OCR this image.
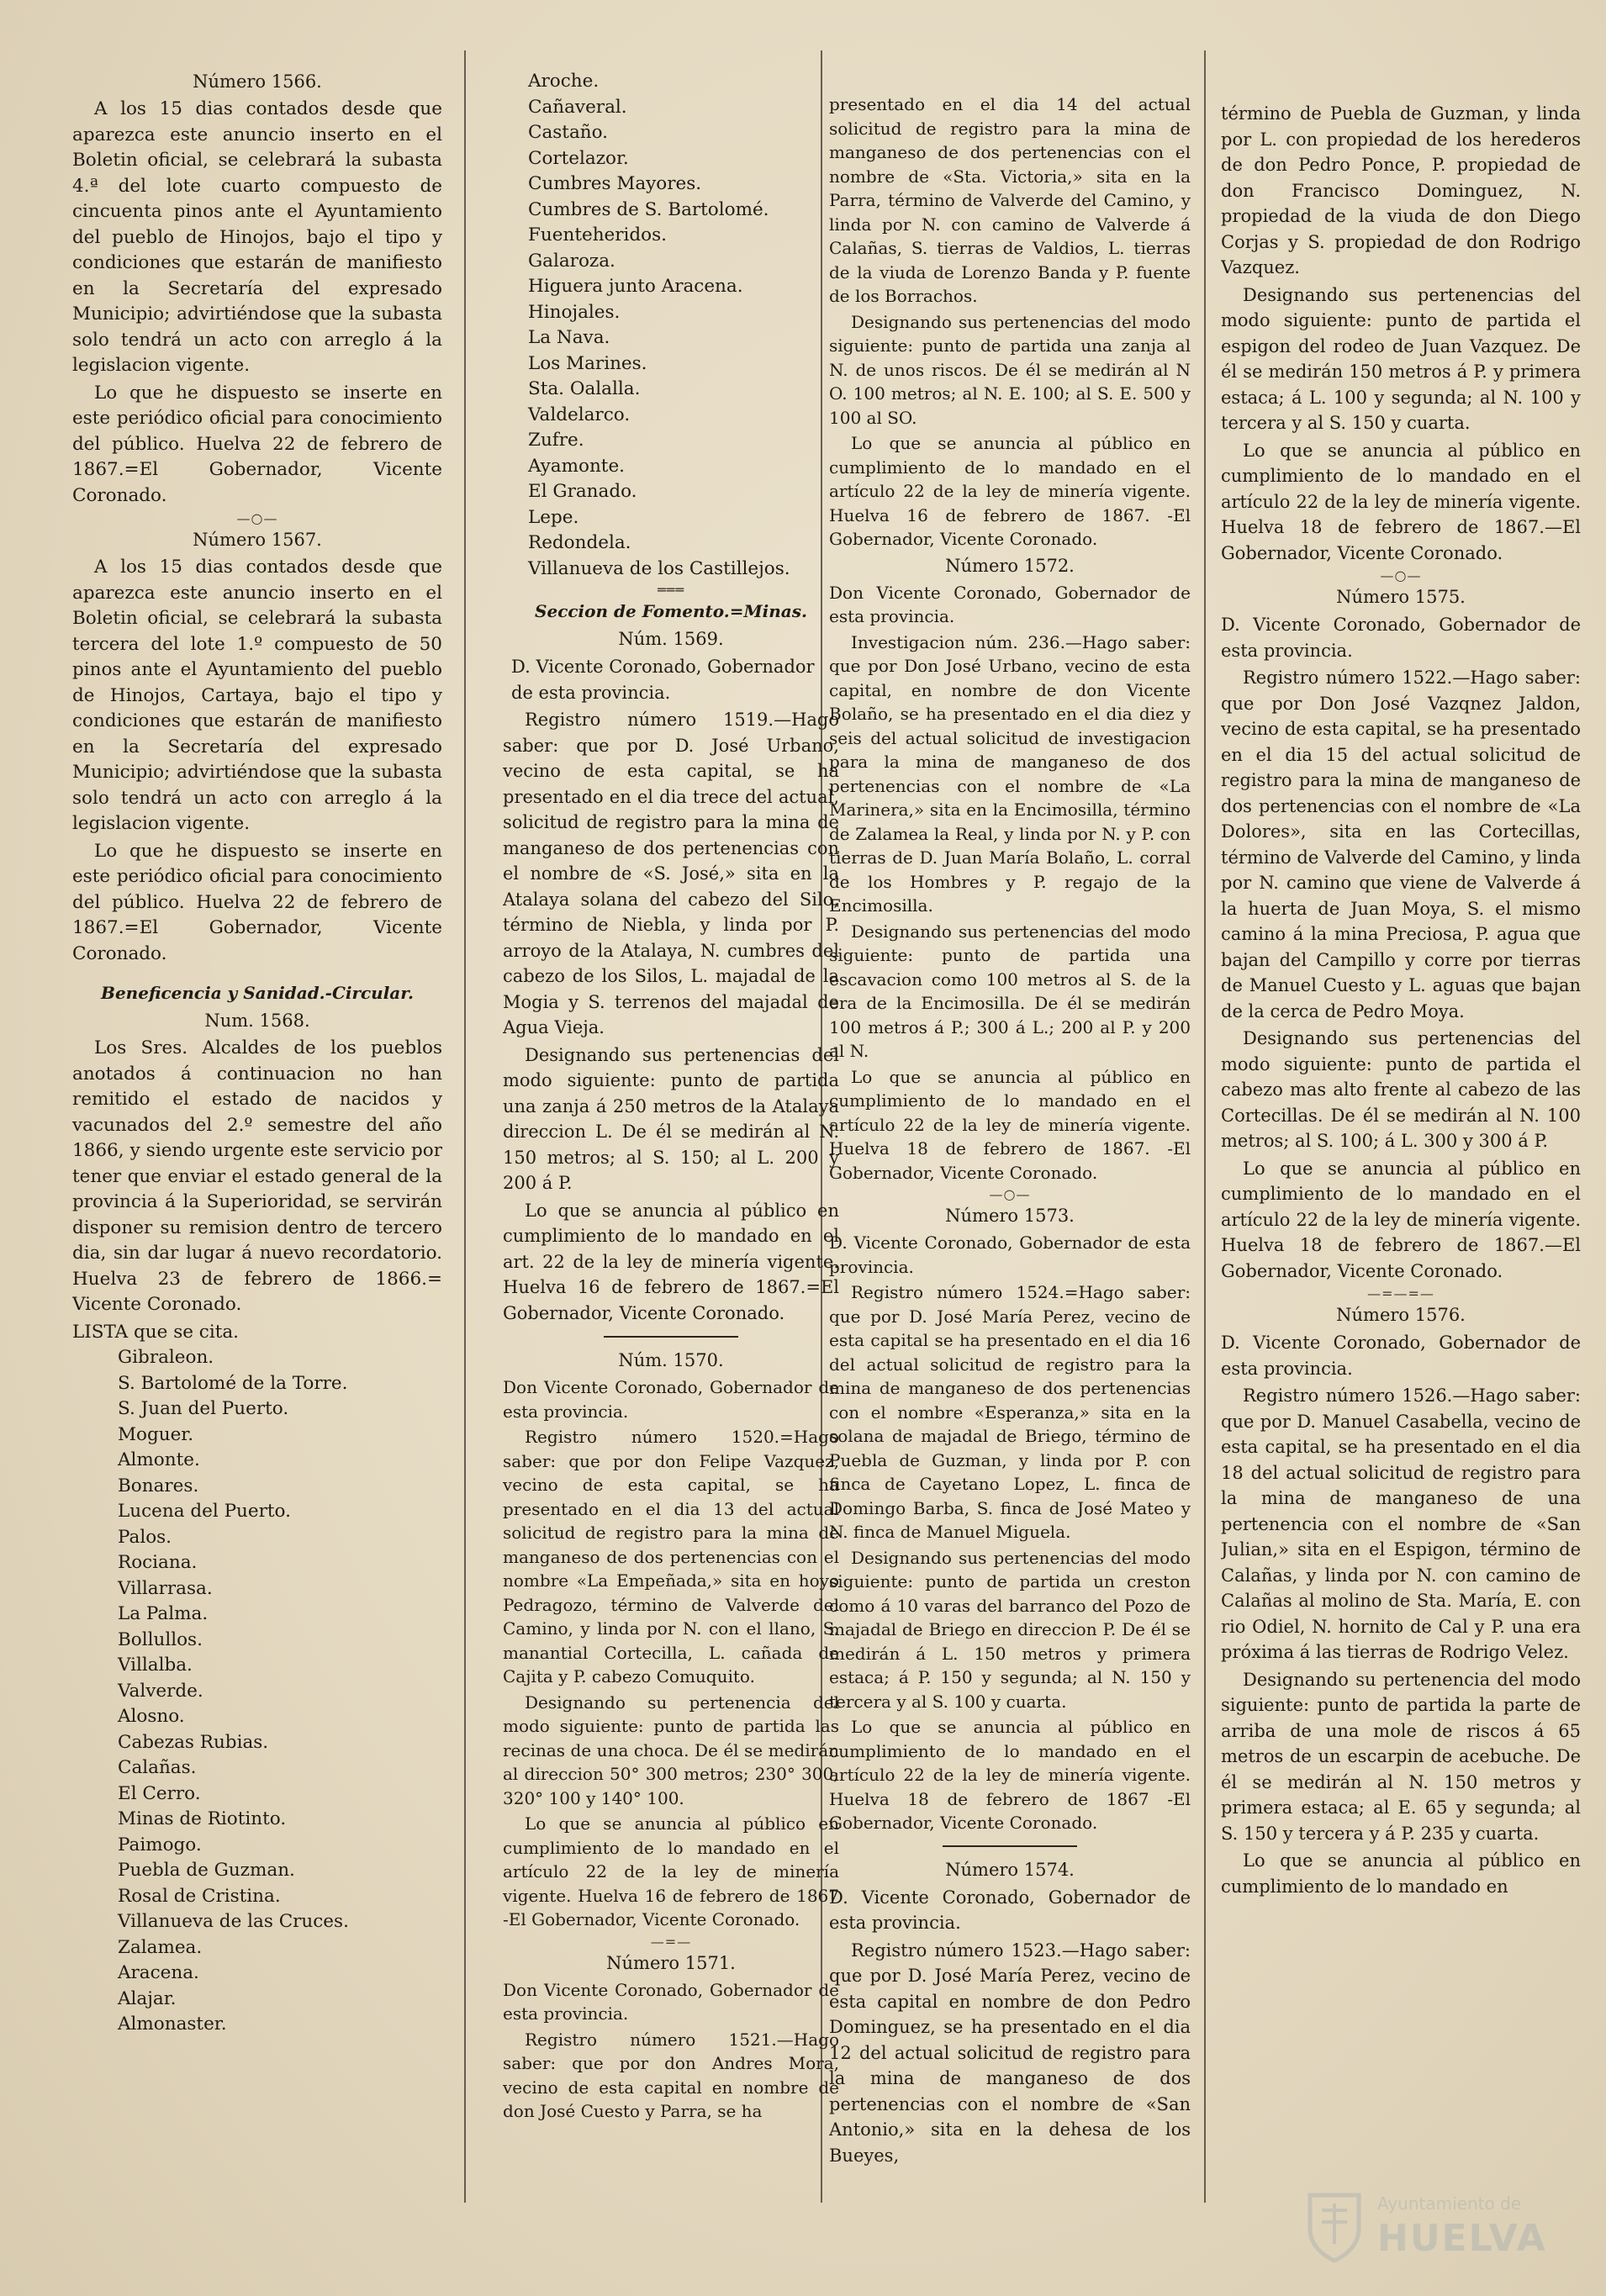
Número 1566.
A los 15 dias contados desde que aparezca este anuncio inserto en el Boletin oficial, se celebrará la subasta 4.ª del lote cuarto compuesto de cincuenta pinos ante el Ayuntamiento del pueblo de Hinojos, bajo el tipo y condiciones que estarán de manifiesto en la Secretaría del expresado Municipio; advirtiéndose que la subasta solo tendrá un acto con arreglo á la legislacion vigente.
Lo que he dispuesto se inserte en este periódico oficial para conocimiento del público. Huelva 22 de febrero de 1867.=El Gobernador, Vicente Coronado.
—○—
Número 1567.
A los 15 dias contados desde que aparezca este anuncio inserto en el Boletin oficial, se celebrará la subasta tercera del lote 1.º compuesto de 50 pinos ante el Ayuntamiento del pueblo de Hinojos, Cartaya, bajo el tipo y condiciones que estarán de manifiesto en la Secretaría del expresado Municipio; advirtiéndose que la subasta solo tendrá un acto con arreglo á la legislacion vigente.
Lo que he dispuesto se inserte en este periódico oficial para conocimiento del público. Huelva 22 de febrero de 1867.=El Gobernador, Vicente Coronado.
Beneficencia y Sanidad.-Circular.
Num. 1568.
Los Sres. Alcaldes de los pueblos anotados á continuacion no han remitido el estado de nacidos y vacunados del 2.º semestre del año 1866, y siendo urgente este servicio por tener que enviar el estado general de la provincia á la Superioridad, se servirán disponer su remision dentro de tercero dia, sin dar lugar á nuevo recordatorio. Huelva 23 de febrero de 1866.= Vicente Coronado.
LISTA que se cita.
Gibraleon.
S. Bartolomé de la Torre.
S. Juan del Puerto.
Moguer.
Almonte.
Bonares.
Lucena del Puerto.
Palos.
Rociana.
Villarrasa.
La Palma.
Bollullos.
Villalba.
Valverde.
Alosno.
Cabezas Rubias.
Calañas.
El Cerro.
Minas de Riotinto.
Paimogo.
Puebla de Guzman.
Rosal de Cristina.
Villanueva de las Cruces.
Zalamea.
Aracena.
Alajar.
Almonaster.
Aroche.
Cañaveral.
Castaño.
Cortelazor.
Cumbres Mayores.
Cumbres de S. Bartolomé.
Fuenteheridos.
Galaroza.
Higuera junto Aracena.
Hinojales.
La Nava.
Los Marines.
Sta. Oalalla.
Valdelarco.
Zufre.
Ayamonte.
El Granado.
Lepe.
Redondela.
Villanueva de los Castillejos.
═══
Seccion de Fomento.=Minas.
Núm. 1569.
D. Vicente Coronado, Gobernador de esta provincia.
Registro número 1519.—Hago saber: que por D. José Urbano, vecino de esta capital, se ha presentado en el dia trece del actual, solicitud de registro para la mina de manganeso de dos pertenencias con el nombre de «S. José,» sita en la Atalaya solana del cabezo del Silo, término de Niebla, y linda por P. arroyo de la Atalaya, N. cumbres del cabezo de los Silos, L. majadal de la Mogia y S. terrenos del majadal de Agua Vieja.
Designando sus pertenencias del modo siguiente: punto de partida una zanja á 250 metros de la Atalaya direccion L. De él se medirán al N. 150 metros; al S. 150; al L. 200 y 200 á P.
Lo que se anuncia al público en cumplimiento de lo mandado en el art. 22 de la ley de minería vigente. Huelva 16 de febrero de 1867.=El Gobernador, Vicente Coronado.
Núm. 1570.
Don Vicente Coronado, Gobernador de esta provincia.
Registro número 1520.=Hago saber: que por don Felipe Vazquez, vecino de esta capital, se ha presentado en el dia 13 del actual solicitud de registro para la mina de manganeso de dos pertenencias con el nombre «La Empeñada,» sita en hoyo Pedragozo, término de Valverde del Camino, y linda por N. con el llano, S. manantial Cortecilla, L. cañada de Cajita y P. cabezo Comuquito.
Designando su pertenencia del modo siguiente: punto de partida las recinas de una choca. De él se medirán al direccion 50° 300 metros; 230° 300; 320° 100 y 140° 100.
Lo que se anuncia al público en cumplimiento de lo mandado en el artículo 22 de la ley de minería vigente. Huelva 16 de febrero de 1867 -El Gobernador, Vicente Coronado.
—=—
Número 1571.
Don Vicente Coronado, Gobernador de esta provincia.
Registro número 1521.—Hago saber: que por don Andres Mora, vecino de esta capital en nombre de don José Cuesto y Parra, se ha
presentado en el dia 14 del actual solicitud de registro para la mina de manganeso de dos pertenencias con el nombre de «Sta. Victoria,» sita en la Parra, término de Valverde del Camino, y linda por N. con camino de Valverde á Calañas, S. tierras de Valdios, L. tierras de la viuda de Lorenzo Banda y P. fuente de los Borrachos.
Designando sus pertenencias del modo siguiente: punto de partida una zanja al N. de unos riscos. De él se medirán al N O. 100 metros; al N. E. 100; al S. E. 500 y 100 al SO.
Lo que se anuncia al público en cumplimiento de lo mandado en el artículo 22 de la ley de minería vigente. Huelva 16 de febrero de 1867. -El Gobernador, Vicente Coronado.
Número 1572.
Don Vicente Coronado, Gobernador de esta provincia.
Investigacion núm. 236.—Hago saber: que por Don José Urbano, vecino de esta capital, en nombre de don Vicente Bolaño, se ha presentado en el dia diez y seis del actual solicitud de investigacion para la mina de manganeso de dos pertenencias con el nombre de «La Marinera,» sita en la Encimosilla, término de Zalamea la Real, y linda por N. y P. con tierras de D. Juan María Bolaño, L. corral de los Hombres y P. regajo de la Encimosilla.
Designando sus pertenencias del modo siguiente: punto de partida una escavacion como 100 metros al S. de la era de la Encimosilla. De él se medirán 100 metros á P.; 300 á L.; 200 al P. y 200 al N.
Lo que se anuncia al público en cumplimiento de lo mandado en el artículo 22 de la ley de minería vigente. Huelva 18 de febrero de 1867. -El Gobernador, Vicente Coronado.
—○—
Número 1573.
D. Vicente Coronado, Gobernador de esta provincia.
Registro número 1524.=Hago saber: que por D. José María Perez, vecino de esta capital se ha presentado en el dia 16 del actual solicitud de registro para la mina de manganeso de dos pertenencias con el nombre «Esperanza,» sita en la solana de majadal de Briego, término de Puebla de Guzman, y linda por P. con finca de Cayetano Lopez, L. finca de Domingo Barba, S. finca de José Mateo y N. finca de Manuel Miguela.
Designando sus pertenencias del modo siguiente: punto de partida un creston como á 10 varas del barranco del Pozo de majadal de Briego en direccion P. De él se medirán á L. 150 metros y primera estaca; á P. 150 y segunda; al N. 150 y tercera y al S. 100 y cuarta.
Lo que se anuncia al público en cumplimiento de lo mandado en el artículo 22 de la ley de minería vigente. Huelva 18 de febrero de 1867 -El Gobernador, Vicente Coronado.
Número 1574.
D. Vicente Coronado, Gobernador de esta provincia.
Registro número 1523.—Hago saber: que por D. José María Perez, vecino de esta capital en nombre de don Pedro Dominguez, se ha presentado en el dia 12 del actual solicitud de registro para la mina de manganeso de dos pertenencias con el nombre de «San Antonio,» sita en la dehesa de los Bueyes,
término de Puebla de Guzman, y linda por L. con propiedad de los herederos de don Pedro Ponce, P. propiedad de don Francisco Dominguez, N. propiedad de la viuda de don Diego Corjas y S. propiedad de don Rodrigo Vazquez.
Designando sus pertenencias del modo siguiente: punto de partida el espigon del rodeo de Juan Vazquez. De él se medirán 150 metros á P. y primera estaca; á L. 100 y segunda; al N. 100 y tercera y al S. 150 y cuarta.
Lo que se anuncia al público en cumplimiento de lo mandado en el artículo 22 de la ley de minería vigente. Huelva 18 de febrero de 1867.—El Gobernador, Vicente Coronado.
—○—
Número 1575.
D. Vicente Coronado, Gobernador de esta provincia.
Registro número 1522.—Hago saber: que por Don José Vazqnez Jaldon, vecino de esta capital, se ha presentado en el dia 15 del actual solicitud de registro para la mina de manganeso de dos pertenencias con el nombre de «La Dolores», sita en las Cortecillas, término de Valverde del Camino, y linda por N. camino que viene de Valverde á la huerta de Juan Moya, S. el mismo camino á la mina Preciosa, P. agua que bajan del Campillo y corre por tierras de Manuel Cuesto y L. aguas que bajan de la cerca de Pedro Moya.
Designando sus pertenencias del modo siguiente: punto de partida el cabezo mas alto frente al cabezo de las Cortecillas. De él se medirán al N. 100 metros; al S. 100; á L. 300 y 300 á P.
Lo que se anuncia al público en cumplimiento de lo mandado en el artículo 22 de la ley de minería vigente. Huelva 18 de febrero de 1867.—El Gobernador, Vicente Coronado.
—=—=—
Número 1576.
D. Vicente Coronado, Gobernador de esta provincia.
Registro número 1526.—Hago saber: que por D. Manuel Casabella, vecino de esta capital, se ha presentado en el dia 18 del actual solicitud de registro para la mina de manganeso de una pertenencia con el nombre de «San Julian,» sita en el Espigon, término de Calañas, y linda por N. con camino de Calañas al molino de Sta. María, E. con rio Odiel, N. hornito de Cal y P. una era próxima á las tierras de Rodrigo Velez.
Designando su pertenencia del modo siguiente: punto de partida la parte de arriba de una mole de riscos á 65 metros de un escarpin de acebuche. De él se medirán al N. 150 metros y primera estaca; al E. 65 y segunda; al S. 150 y tercera y á P. 235 y cuarta.
Lo que se anuncia al público en cumplimiento de lo mandado en
Ayuntamiento de
HUELVA
